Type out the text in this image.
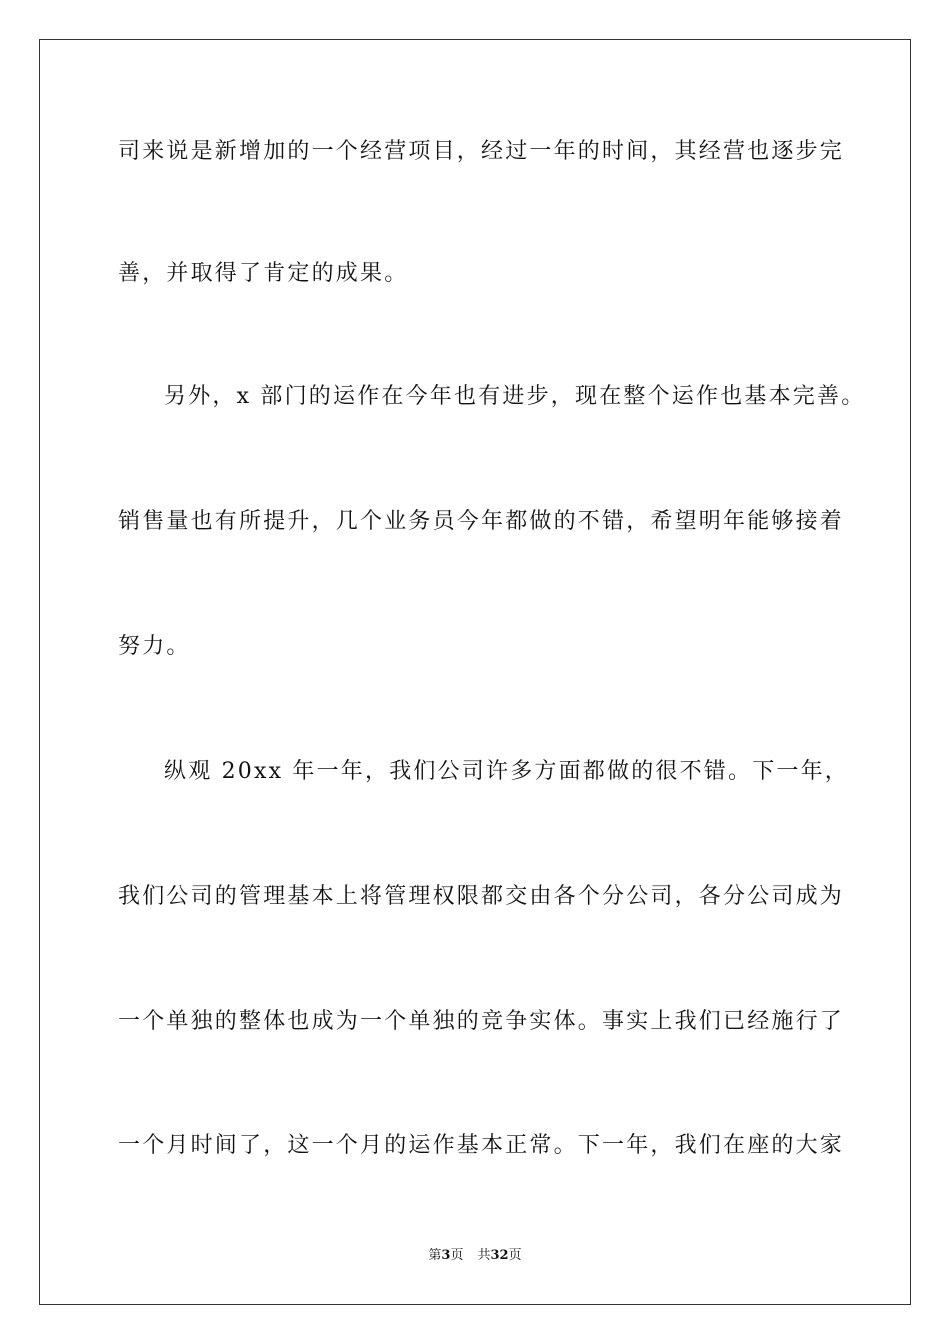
司来说是新增加的一个经营项目，经过一年的时间，其经营也逐步完
善，并取得了肯定的成果。
另外，x 部门的运作在今年也有进步，现在整个运作也基本完善。
销售量也有所提升，几个业务员今年都做的不错，希望明年能够接着
努力。
纵观 20xx 年一年，我们公司许多方面都做的很不错。下一年，
我们公司的管理基本上将管理权限都交由各个分公司，各分公司成为
一个单独的整体也成为一个单独的竞争实体。事实上我们已经施行了
一个月时间了，这一个月的运作基本正常。下一年，我们在座的大家
第3页 共32页
